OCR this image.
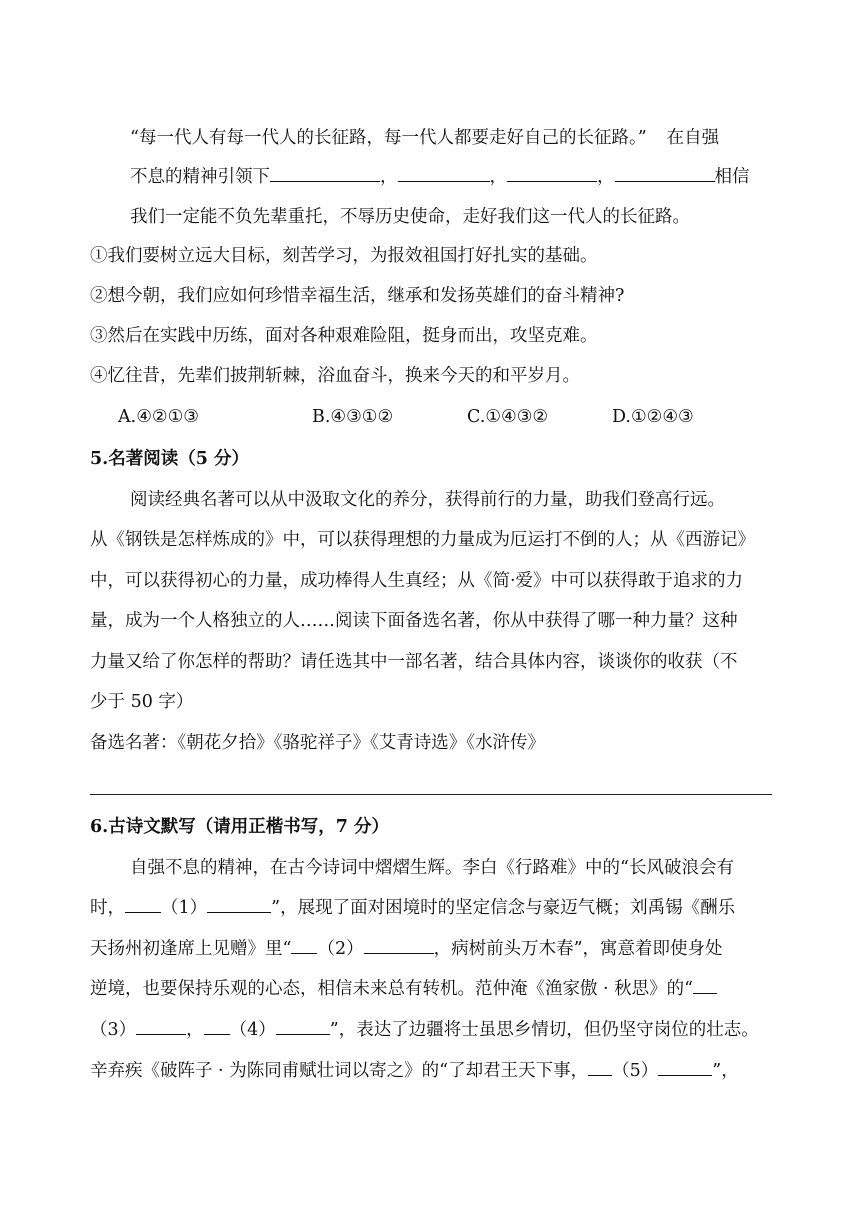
“每一代人有每一代人的长征路，每一代人都要走好自己的长征路。” 在自强
不息的精神引领下	，	，	，	相信
我们一定能不负先辈重托，不辱历史使命，走好我们这一代人的长征路。
①我们要树立远大目标，刻苦学习，为报效祖国打好扎实的基础。
②想今朝，我们应如何珍惜幸福生活，继承和发扬英雄们的奋斗精神?
③然后在实践中历练，面对各种艰难险阻，挺身而出，攻坚克难。
④忆往昔，先辈们披荆斩棘，浴血奋斗，换来今天的和平岁月。
A.④②①③	B.④③①②	C.①④③②	D.①②④③
5.名著阅读（5 分）
阅读经典名著可以从中汲取文化的养分，获得前行的力量，助我们登高行远。
从《钢铁是怎样炼成的》中，可以获得理想的力量成为厄运打不倒的人；从《西游记》
中，可以获得初心的力量，成功棒得人生真经；从《简·爱》中可以获得敢于追求的力
量，成为一个人格独立的人……阅读下面备选名著，你从中获得了哪一种力量？这种
力量又给了你怎样的帮助？请任选其中一部名著，结合具体内容，谈谈你的收获（不
少于 50 字）
备选名著：《朝花夕拾》《骆驼祥子》《艾青诗选》《水浒传》
6.古诗文默写（请用正楷书写，7 分）
自强不息的精神，在古今诗词中熠熠生辉。李白《行路难》中的“长风破浪会有
时， （1）	”，展现了面对困境时的坚定信念与豪迈气概；刘禹锡《酬乐
天扬州初逢席上见赠》里“ （2）	，病树前头万木春”，寓意着即使身处
逆境，也要保持乐观的心态，相信未来总有转机。范仲淹《渔家傲 · 秋思》的“
（3）	， （4）	”，表达了边疆将士虽思乡情切，但仍坚守岗位的壮志。
辛弃疾《破阵子 · 为陈同甫赋壮词以寄之》的“了却君王天下事， （5）	”，
